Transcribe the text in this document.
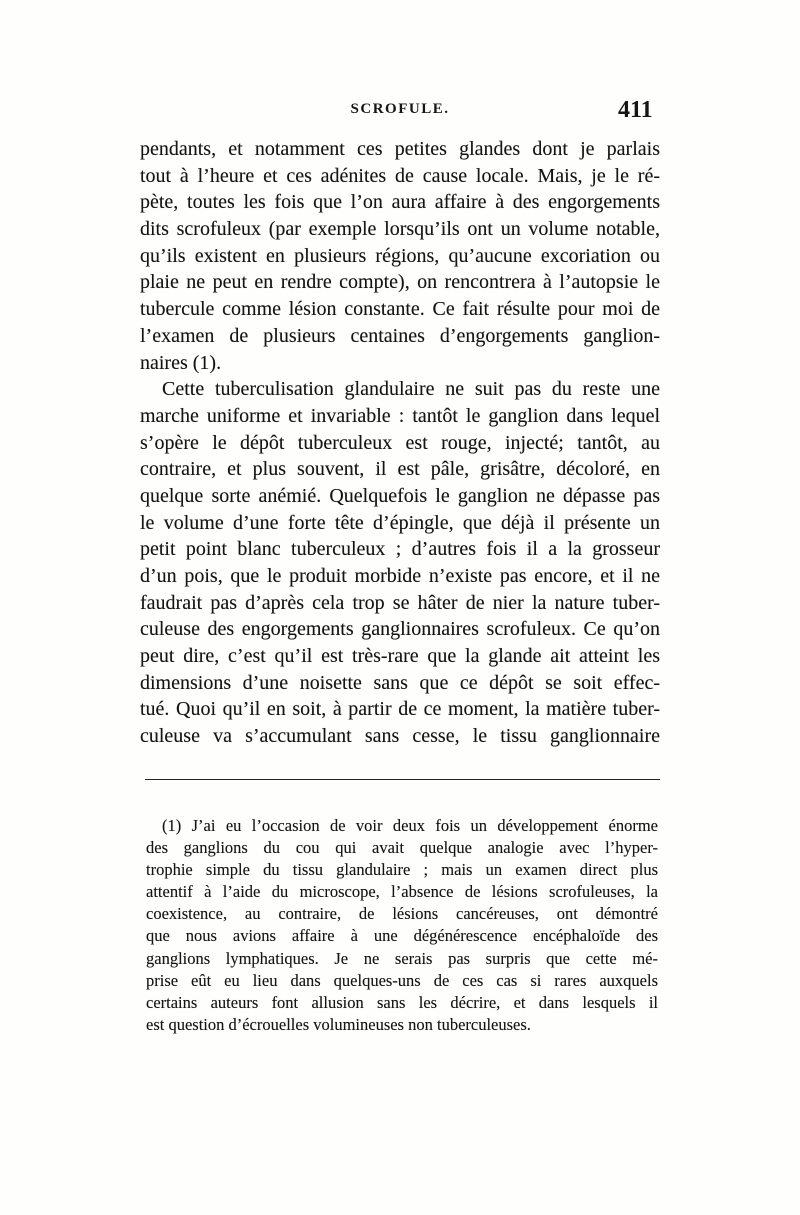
SCROFULE.	411
pendants, et notamment ces petites glandes dont je parlais
tout à l’heure et ces adénites de cause locale. Mais, je le ré-
pète, toutes les fois que l’on aura affaire à des engorgements
dits scrofuleux (par exemple lorsqu’ils ont un volume notable,
qu’ils existent en plusieurs régions, qu’aucune excoriation ou
plaie ne peut en rendre compte), on rencontrera à l’autopsie le
tubercule comme lésion constante. Ce fait résulte pour moi de
l’examen de plusieurs centaines d’engorgements ganglion-
naires (1).
Cette tuberculisation glandulaire ne suit pas du reste une
marche uniforme et invariable : tantôt le ganglion dans lequel
s’opère le dépôt tuberculeux est rouge, injecté; tantôt, au
contraire, et plus souvent, il est pâle, grisâtre, décoloré, en
quelque sorte anémié. Quelquefois le ganglion ne dépasse pas
le volume d’une forte tête d’épingle, que déjà il présente un
petit point blanc tuberculeux ; d’autres fois il a la grosseur
d’un pois, que le produit morbide n’existe pas encore, et il ne
faudrait pas d’après cela trop se hâter de nier la nature tuber-
culeuse des engorgements ganglionnaires scrofuleux. Ce qu’on
peut dire, c’est qu’il est très-rare que la glande ait atteint les
dimensions d’une noisette sans que ce dépôt se soit effec-
tué. Quoi qu’il en soit, à partir de ce moment, la matière tuber-
culeuse va s’accumulant sans cesse, le tissu ganglionnaire
(1) J’ai eu l’occasion de voir deux fois un développement énorme
des ganglions du cou qui avait quelque analogie avec l’hyper-
trophie simple du tissu glandulaire ; mais un examen direct plus
attentif à l’aide du microscope, l’absence de lésions scrofuleuses, la
coexistence, au contraire, de lésions cancéreuses, ont démontré
que nous avions affaire à une dégénérescence encéphaloïde des
ganglions lymphatiques. Je ne serais pas surpris que cette mé-
prise eût eu lieu dans quelques-uns de ces cas si rares auxquels
certains auteurs font allusion sans les décrire, et dans lesquels il
est question d’écrouelles volumineuses non tuberculeuses.
